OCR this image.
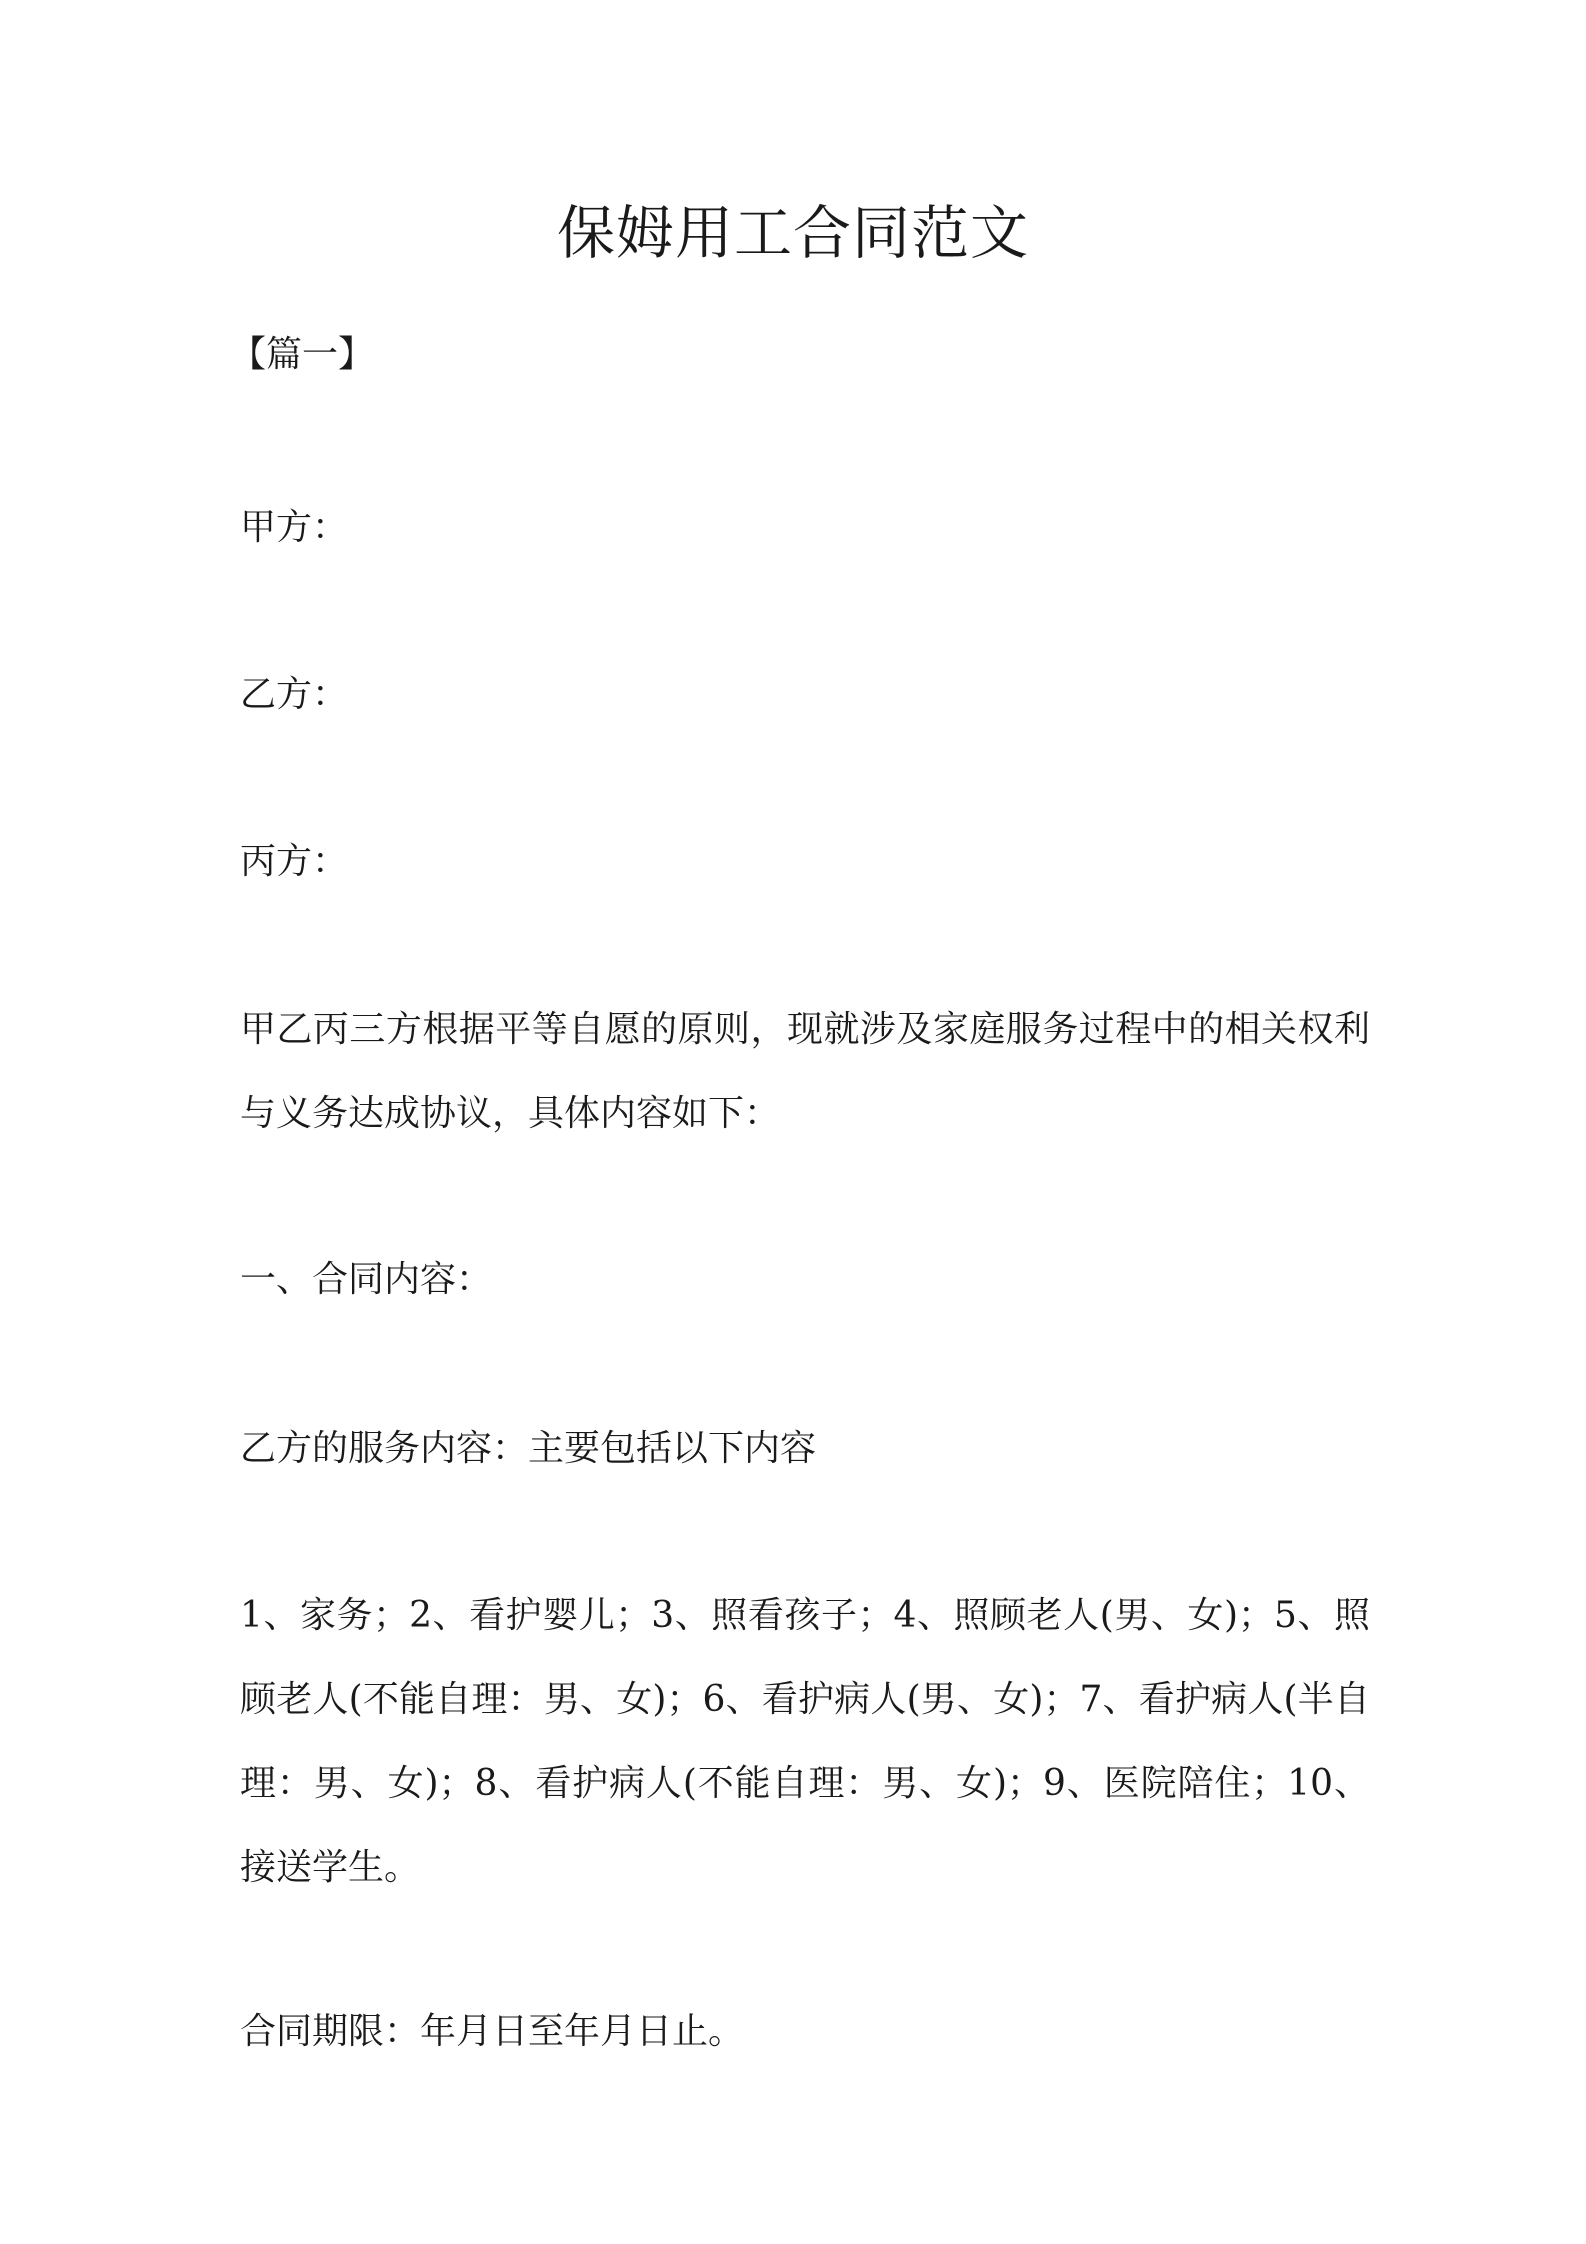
保姆用工合同范文
【篇一】
甲方：
乙方：
丙方：
甲乙丙三方根据平等自愿的原则，现就涉及家庭服务过程中的相关权利与义务达成协议，具体内容如下：
一、合同内容：
乙方的服务内容：主要包括以下内容
1、家务；2、看护婴儿；3、照看孩子；4、照顾老人(男、女)；5、照顾老人(不能自理：男、女)；6、看护病人(男、女)；7、看护病人(半自理：男、女)；8、看护病人(不能自理：男、女)；9、医院陪住；10、接送学生。
合同期限：年月日至年月日止。
